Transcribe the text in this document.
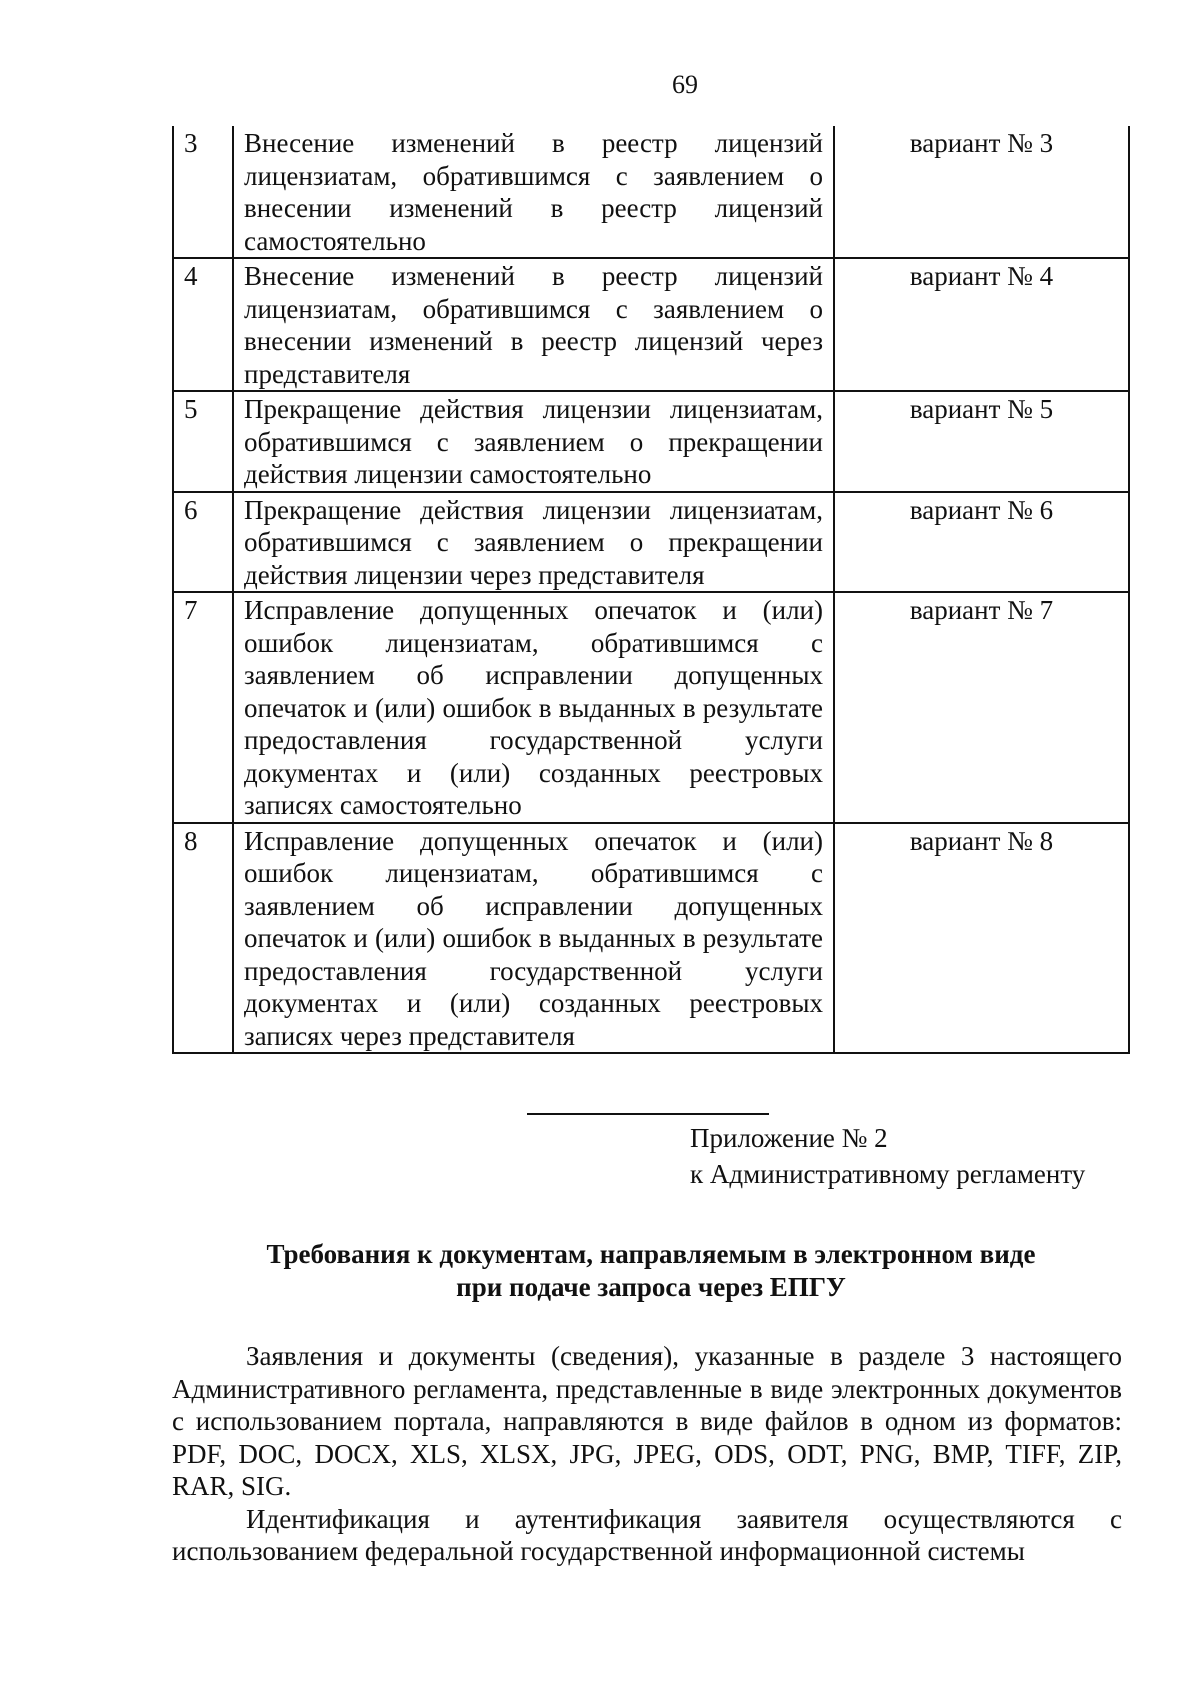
69
3	Внесение изменений в реестр лицензий лицензиатам, обратившимся с заявлением о внесении изменений в реестр лицензий самостоятельно	вариант № 3
4	Внесение изменений в реестр лицензий лицензиатам, обратившимся с заявлением о внесении изменений в реестр лицензий через представителя	вариант № 4
5	Прекращение действия лицензии лицензиатам, обратившимся с заявлением о прекращении действия лицензии самостоятельно	вариант № 5
6	Прекращение действия лицензии лицензиатам, обратившимся с заявлением о прекращении действия лицензии через представителя	вариант № 6
7	Исправление допущенных опечаток и (или) ошибок лицензиатам, обратившимся с заявлением об исправлении допущенных опечаток и (или) ошибок в выданных в результате предоставления государственной услуги документах и (или) созданных реестровых записях самостоятельно	вариант № 7
8	Исправление допущенных опечаток и (или) ошибок лицензиатам, обратившимся с заявлением об исправлении допущенных опечаток и (или) ошибок в выданных в результате предоставления государственной услуги документах и (или) созданных реестровых записях через представителя	вариант № 8
Приложение № 2
к Административному регламенту
Требования к документам, направляемым в электронном виде
при подаче запроса через ЕПГУ

Заявления и документы (сведения), указанные в разделе 3 настоящего Административного регламента, представленные в виде электронных документов с использованием портала, направляются в виде файлов в одном из форматов: PDF, DOC, DOCX, XLS, XLSX, JPG, JPEG, ODS, ODT, PNG, BMP, TIFF, ZIP, RAR, SIG.

Идентификация и аутентификация заявителя осуществляются с использованием федеральной государственной информационной системы
